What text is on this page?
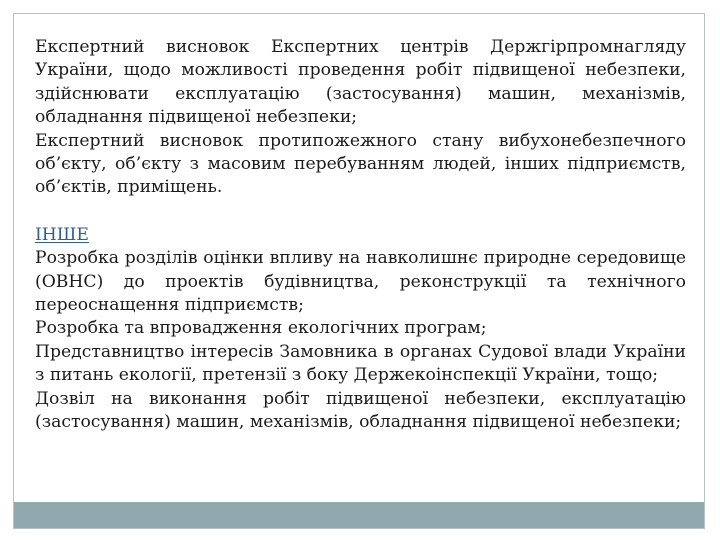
Експертний висновок Експертних центрів Держгірпромнагляду України, щодо можливості проведення робіт підвищеної небезпеки, здійснювати експлуатацію (застосування) машин, механізмів, обладнання підвищеної небезпеки;

Експертний висновок протипожежного стану вибухонебезпечного об’єкту, об’єкту з масовим перебуванням людей, інших підприємств, об’єктів, приміщень.

ІНШЕ

Розробка розділів оцінки впливу на навколишнє природне середовище (ОВНС) до проектів будівництва, реконструкції та технічного переоснащення підприємств;

Розробка та впровадження екологічних програм;

Представництво інтересів Замовника в органах Судової влади України з питань екології, претензії з боку Держекоінспекції України, тощо;

Дозвіл на виконання робіт підвищеної небезпеки, експлуатацію (застосування) машин, механізмів, обладнання підвищеної небезпеки;
